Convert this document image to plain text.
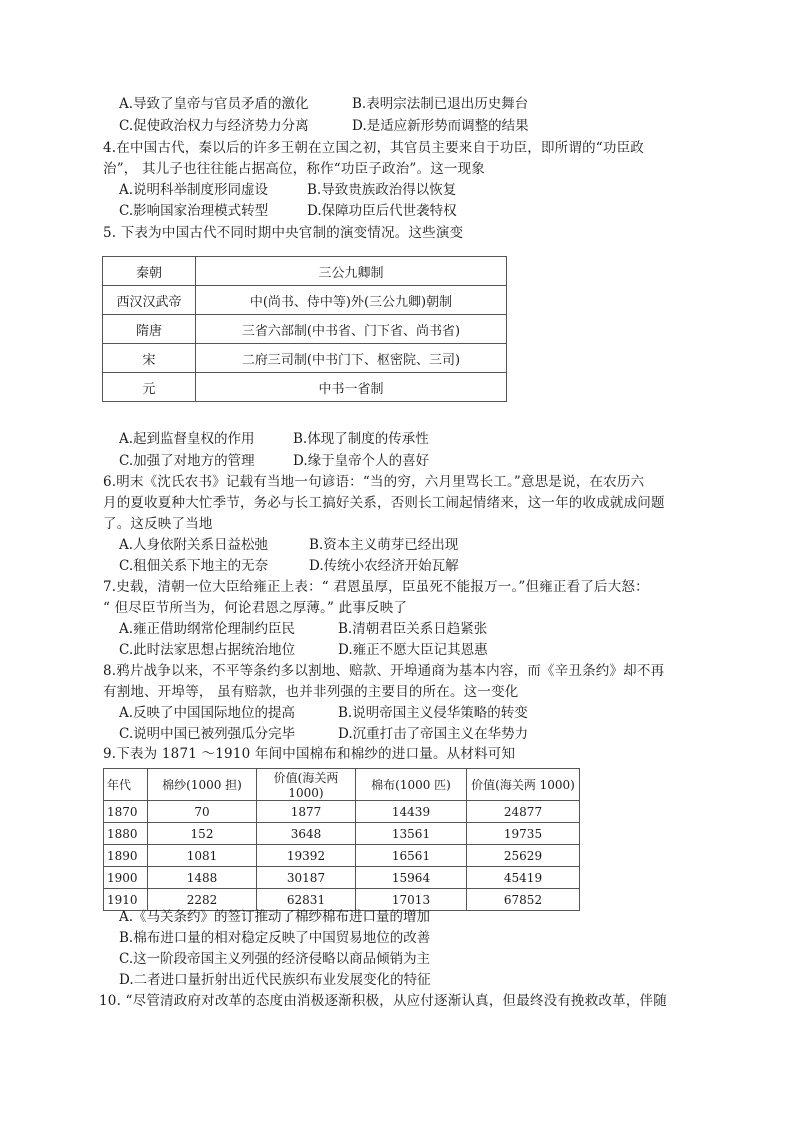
A.导致了皇帝与官员矛盾的激化	B.表明宗法制已退出历史舞台
C.促使政治权力与经济势力分离	D.是适应新形势而调整的结果
4.在中国古代，秦以后的许多王朝在立国之初，其官员主要来自于功臣，即所谓的“功臣政
治”， 其儿子也往往能占据高位，称作“功臣子政治”。这一现象
A.说明科举制度形同虚设	B.导致贵族政治得以恢复
C.影响国家治理模式转型	D.保障功臣后代世袭特权
5. 下表为中国古代不同时期中央官制的演变情况。这些演变
秦朝	三公九卿制
西汉汉武帝	中(尚书、侍中等)外(三公九卿)朝制
隋唐	三省六部制(中书省、门下省、尚书省)
宋	二府三司制(中书门下、枢密院、三司)
元	中书一省制
A.起到监督皇权的作用	B.体现了制度的传承性
C.加强了对地方的管理	D.缘于皇帝个人的喜好
6.明末《沈氏农书》记载有当地一句谚语：“当的穷，六月里骂长工。”意思是说，在农历六
月的夏收夏种大忙季节，务必与长工搞好关系，否则长工闹起情绪来，这一年的收成就成问题
了。这反映了当地
A.人身依附关系日益松弛	B.资本主义萌芽已经出现
C.租佃关系下地主的无奈	D.传统小农经济开始瓦解
7.史载，清朝一位大臣给雍正上表：“ 君恩虽厚，臣虽死不能报万一。”但雍正看了后大怒：
“ 但尽臣节所当为，何论君恩之厚薄。” 此事反映了
A.雍正借助纲常伦理制约臣民	B.清朝君臣关系日趋紧张
C.此时法家思想占据统治地位	D.雍正不愿大臣记其恩惠
8.鸦片战争以来，不平等条约多以割地、赔款、开埠通商为基本内容，而《辛丑条约》却不再
有割地、开埠等， 虽有赔款，也并非列强的主要目的所在。这一变化
A.反映了中国国际地位的提高	B.说明帝国主义侵华策略的转变
C.说明中国已被列强瓜分完毕	D.沉重打击了帝国主义在华势力
9.下表为 1871 ～1910 年间中国棉布和棉纱的进口量。从材料可知
年代	棉纱(1000 担)	价值(海关两 1000)	棉布(1000 匹)	价值(海关两 1000)
1870	70	1877	14439	24877
1880	152	3648	13561	19735
1890	1081	19392	16561	25629
1900	1488	30187	15964	45419
1910	2282	62831	17013	67852
A.《马关条约》的签订推动了棉纱棉布进口量的增加
B.棉布进口量的相对稳定反映了中国贸易地位的改善
C.这一阶段帝国主义列强的经济侵略以商品倾销为主
D.二者进口量折射出近代民族织布业发展变化的特征
10. “尽管清政府对改革的态度由消极逐渐积极，从应付逐渐认真，但最终没有挽救改革，伴随
